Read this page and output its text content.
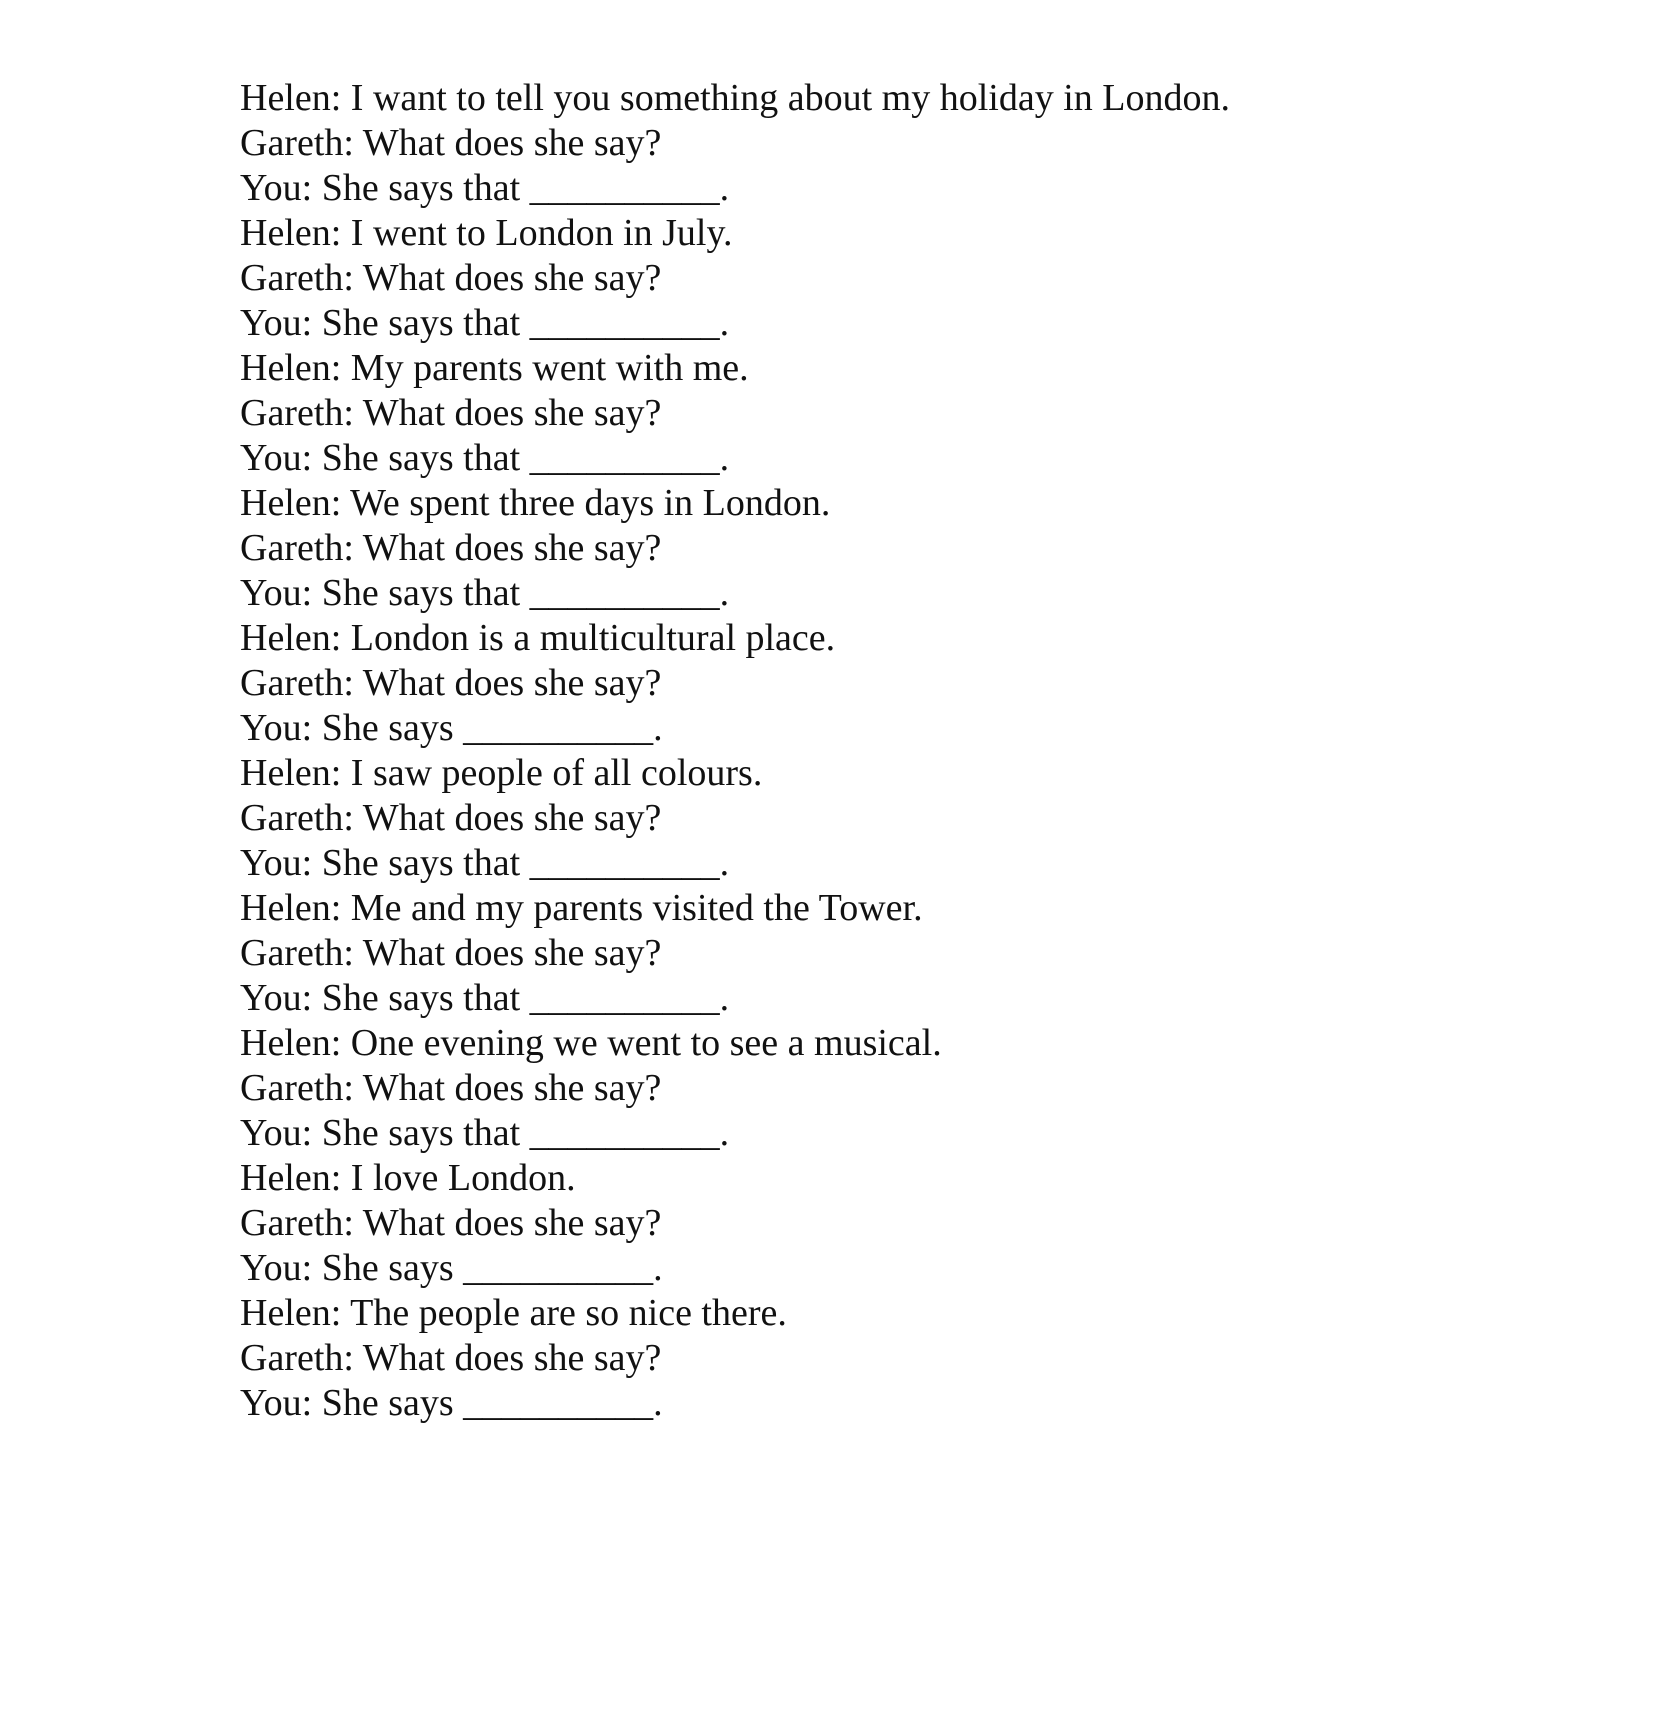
Helen: I want to tell you something about my holiday in London.
Gareth: What does she say?
You: She says that __________.
Helen: I went to London in July.
Gareth: What does she say?
You: She says that __________.
Helen: My parents went with me.
Gareth: What does she say?
You: She says that __________.
Helen: We spent three days in London.
Gareth: What does she say?
You: She says that __________.
Helen: London is a multicultural place.
Gareth: What does she say?
You: She says __________.
Helen: I saw people of all colours.
Gareth: What does she say?
You: She says that __________.
Helen: Me and my parents visited the Tower.
Gareth: What does she say?
You: She says that __________.
Helen: One evening we went to see a musical.
Gareth: What does she say?
You: She says that __________.
Helen: I love London.
Gareth: What does she say?
You: She says __________.
Helen: The people are so nice there.
Gareth: What does she say?
You: She says __________.
